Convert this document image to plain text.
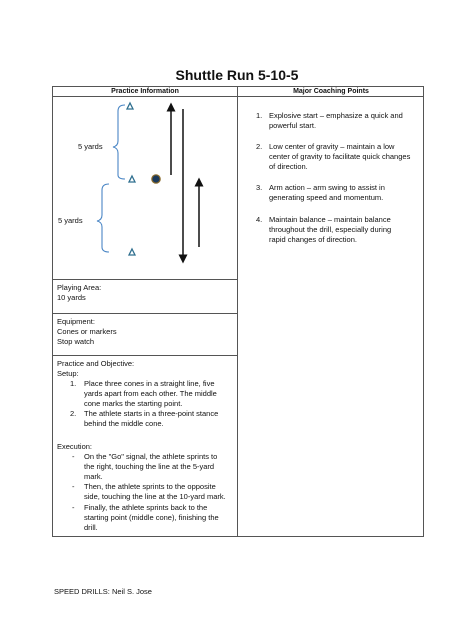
Shuttle Run 5-10-5
Practice Information	Major Coaching Points
5 yards
5 yards
Playing Area:
10 yards
Equipment:
Cones or markers
Stop watch
Practice and Objective:
Setup:
1. Place three cones in a straight line, five
yards apart from each other. The middle
cone marks the starting point.
2. The athlete starts in a three-point stance
behind the middle cone.
Execution:
- On the "Go" signal, the athlete sprints to
the right, touching the line at the 5-yard
mark.
- Then, the athlete sprints to the opposite
side, touching the line at the 10-yard mark.
- Finally, the athlete sprints back to the
starting point (middle cone), finishing the
drill.
1. Explosive start – emphasize a quick and
powerful start.
2. Low center of gravity – maintain a low
center of gravity to facilitate quick changes
of direction.
3. Arm action – arm swing to assist in
generating speed and momentum.
4. Maintain balance – maintain balance
throughout the drill, especially during
rapid changes of direction.
SPEED DRILLS: Neil S. Jose
